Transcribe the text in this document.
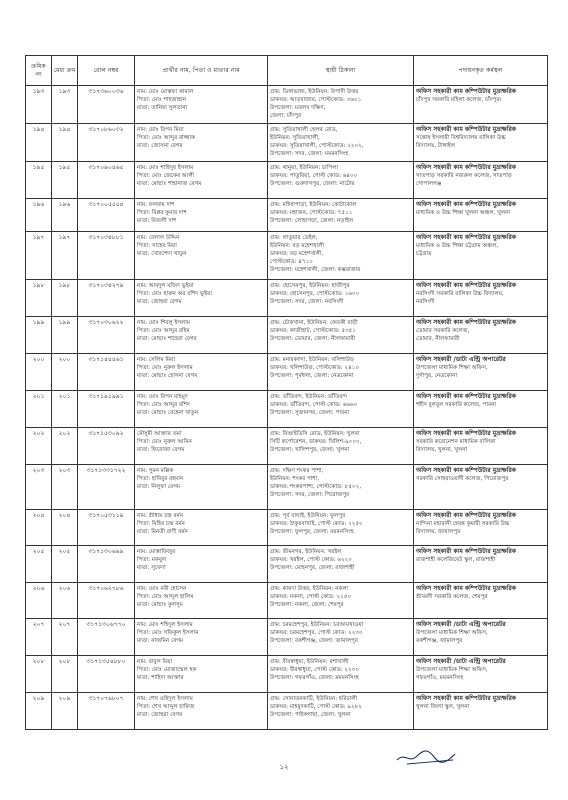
ক্রমিক নং	মেধা ক্রম	রোল নম্বর	প্রার্থীর নাম, পিতা ও মাতার নাম	স্থায়ী ঠিকানা	পদায়নকৃত কর্মস্থল
১৯৩	১৯৩	৩১৭৩৬০০৩৬	নাম: মোঃ মোস্তফা কামাল
পিতা: মোঃ শাহজাহান
মাতা: তানিয়া সুলতানা	গ্রাম: ডিঙ্গাভাঙ্গা, ইউনিয়ন: উপাদী উত্তর
ডাকঘর: আড়বাজার, পোস্টকোড: ৩৬০১
উপজেলা: মতলব দক্ষিণ,
জেলা: চাঁদপুর	অফিস সহকারী কাম কম্পিউটার মুদ্রাক্ষরিক
চাঁদপুর সরকারি মহিলা কলেজ, চাঁদপুর।

১৯৪	১৯৪	৩১৭০৮৬০৩২	নাম: মোঃ রিপন মিয়া
পিতা: মোঃ আব্দুর রাজ্জাক
মাতা: জোসনা বেগম	গ্রাম: সুতিয়াখালী হেলথ রোড,
ইউনিয়ন: সুতিয়াখালী,
ডাকঘর: সুতিয়াখালী, পোস্টকোড: ২২০২,
উপজেলা: সদর, জেলা: ময়মনসিংহ	অফিস সহকারী কাম কম্পিউটার মুদ্রাক্ষরিক
সন্তোষ ইসলামী বিশ্ববিদ্যালয় বালিকা উচ্চ
বিদ্যালয়, টাঙ্গাইল

১৯৫	১৯৫	৩১৭০৯০৪৬৫	নাম: মোঃ শাহিদুর ইসলাম
পিতা: মোঃ জেকের আলী
মাতা: মোছাঃ শাহানাজ বেগম	গ্রাম: থানুয়া, ইউনিয়ন: চাপিলা
ডাকঘর: পাতুরিয়া, পোস্ট কোড: ৬৪০০
উপজেলা: গুরুদাসপুর, জেলা: নাটোর	অফিস সহকারী কাম কম্পিউটার মুদ্রাক্ষরিক
সাতপাড় সরকারি নজরুল কলেজ, সাতপাড়
গোপালগঞ্জ

১৯৬	১৯৬	৩১৭০০৫৫৫৪	নাম: ফলরাম দাশ
পিতা: বিপ্লব কুমার দাশ
মাতা: বিজলী দাশ	গ্রাম: মহিষাপাড়া, ইউনিয়ন: কোটাকোল
ডাকঘর: মহাজন, পোস্টকোড: ৭৫১১
উপজেলা: লোহাগড়া, জেলা: নড়াইল	অফিস সহকারী কাম কম্পিউটার মুদ্রাক্ষরিক
মাধ্যমিক ও উচ্চ শিক্ষা খুলনা অঞ্চল, খুলনা

১৯৭	১৯৭	৩১৭০৩৪৮৮১	নাম: বেলাল উদ্দিন
পিতা: সাহেব মিয়া
মাতা: খোরশেদা খাতুন	গ্রাম: লাতুয়ার ডেইল,
ইউনিয়ন: বড় মহেশখালী
ডাকঘর: বড় মহেশখালী,
পোস্টকোড: ৪৭১০
উপজেলা: মহেশখালী, জেলা: কক্সবাজার	অফিস সহকারী কাম কম্পিউটার মুদ্রাক্ষরিক
মাধ্যমিক ও উচ্চ শিক্ষা চট্টগ্রাম অঞ্চল,
চট্টগ্রাম

১৯৮	১৯৮	৩১৭০৩৪২৭৯	নাম: আবদুল মজিদ ভুইয়া
পিতা: মোঃ হারুন অর রশিদ ভুইয়া
মাতা: জোহরা বেগম	গ্রাম: হোসেনপুর, ইউনিয়ন: হাজীপুর
ডাকঘর: হোসেনপুর, পোস্টকোড: ১৬০০
উপজেলা: সদর, জেলা: নরসিংদী	অফিস সহকারী কাম কম্পিউটার মুদ্রাক্ষরিক
নরসিংদী সরকারি বালিকা উচ্চ বিদ্যালয়,
নরসিংদী

১৯৯	১৯৯	৩১৭০৩০৬২২	নাম: মোঃ শিবলু ইসলাম
পিতা: মোঃ আব্দুর রহিম
মাতা: মোছাঃ শাহেরা বেগম	গ্রাম: চৌকখানা, ইউনিয়ন: কেতকী বাড়ী
ডাকঘর: কাজীহাট, পোস্টকোড: ৫৩৫১
উপজেলা: ডোমার, জেলা: নীলফামারী	অফিস সহকারী কাম কম্পিউটার মুদ্রাক্ষরিক
ডোমার সরকারি কলেজ,
ডোমার, নীলফামারী

২০০	২০০	৩১৭১৪৪৪৬১	নাম: সেলিম মিয়া
পিতা: মোঃ নুরুল ইসলাম
মাতা: মোছাঃ হোসনা বেগম	গ্রাম: মনারকান্দা, ইউনিয়ন: খলিশাউড়
ডাকঘর: খলিশাউড়, পোস্টকোড: ২৪১০
উপজেলা: পূর্বধলা, জেলা: নেত্রকোনা	অফিস সহকারী /ডাটা এন্ট্রি অপারেটর
উপজেলা মাধ্যমিক শিক্ষা অফিস,
দুর্গাপুর, নেত্রকোনা

২০১	২০১	৩১৭১৯১৯৯১	নাম: মোঃ রিপন মাহমুদ
পিতা: মোঃ আব্দুর রশিদ
মাতা: মোছাঃ রেহেনা খাতুন	গ্রাম: তাঁতিবন্দ, ইউনিয়ন: তাঁতিবন্দ
ডাকঘর: তাঁতিবন্দ, পোস্ট কোড: ৬৬৬০
উপজেলা: সুজানগর, জেলা: পাবনা	অফিস সহকারী কাম কম্পিউটার মুদ্রাক্ষরিক
শহীদ বুলবুল সরকারি কলেজ, পাবনা

২০২	২০২	৩১৭১৫৩০৯২	মৌসুমী আক্তার তমা
পিতা: মোঃ নুরুল আমিন
মাতা: ফিরোজা বেগম	গ্রাম: বিআইডিসি রোড, ইউনিয়ন: খুলনা
সিটি কর্পোরেশন, ডাকঘর: খিলিশ-৯০০০,
উপজেলা: খালিশপুর, জেলা: খুলনা	অফিস সহকারী কাম কম্পিউটার মুদ্রাক্ষরিক
সরকারি করোনেশন মাধ্যমিক বালিকা
বিদ্যালয়, খুলনা, খুলনা

২০৩	২০৩	৩১৭১৩৩১৭২২	নাম: সুমন মল্লিক
পিতা: হাবিবুর রহমান
মাতা: নিলুফা বেগম	গ্রাম: দক্ষিণ শংকর পাশা,
ইউনিয়ন: শংকর পাশা,
ডাকঘর: শংকরপাশা, পোস্টকোড: ৮৫০২,
উপজেলা: সদর, জেলা: পিরোজপুর	অফিস সহকারী কাম কম্পিউটার মুদ্রাক্ষরিক
সরকারি সোহরাওয়ার্দী কলেজ, পিরোজপুর

২০৪	২০৪	৩১৭০৫৩১১৯	নাম: শ্রীধাম চন্দ্র বর্মন
পিতা: মিহির চন্দ্র বর্মন
মাতা: মিনতী রাণী বর্মন	গ্রাম: পূর্ব বাঘাই, ইউনিয়ন: ফুলপুর
ডাকঘর: ঠাকুরবাখাই, পোস্ট কোড: ২২৫০
উপজেলা: ফুলপুর, জেলা: ময়মনসিংহ	অফিস সহকারী কাম কম্পিউটার মুদ্রাক্ষরিক
নান্দিনা মহারানী হেমন্ত কুমারী সরকারি উচ্চ
বিদ্যালয়, জামালপুর

২০৫	২০৫	৩১৭১৩০৬৯৯	নাম: মোস্তাফিজুর
পিতা: মকবুল
মাতা: সুফেদা	গ্রাম: ভীমনগর, ইউনিয়ন: খরইল
ডাকঘর: খরইল, পোস্ট কোড: ৬২২০
উপজেলা: মোহনপুর, জেলা: রাজশাহী	অফিস সহকারী কাম কম্পিউটার মুদ্রাক্ষরিক
রাজশাহী কলেজিয়েট স্কুল, রাজশাহী

২০৬	২০৬	৩১৭০৬২৭৮৬	নাম: মোঃ নবী হোসেন
পিতা: মোঃ আব্দুল হালিম
মাতা: মোছাঃ কুলসুম	গ্রাম: কায়দা উত্তর, ইউনিয়ন: নকলা
ডাকঘর: নকলা, পোস্ট কোড: ২১৫০
উপজেলা: নকলা, জেলা: শেরপুর	অফিস সহকারী কাম কম্পিউটার মুদ্রাক্ষরিক
শ্রীবরদী সরকারি কলেজ, শেরপুর

২০৭	২০৭	৩১৭১৩০৬৭৭০	নাম: মোঃ শহিদুল ইসলাম
পিতা: মোঃ সফিকুল ইসলাম
মাতা: নাজমিন বেগম	গ্রাম: চরমহেশপুর, ইউনিয়ন: চরআমখাওয়া
ডাকঘর: চরমহেশপুর, পোস্ট কোড: ২২৩০
উপজেলা: বকশীগঞ্জ, জেলা: জামালপুর	অফিস সহকারী /ডাটা এন্ট্রি অপারেটর
উপজেলা মাধ্যমিক শিক্ষা অফিস,
বকশীগঞ্জ, জামালপুর

২০৮	২০৮	৩১৭১৩৫৪৮৮০	নাম: বাবুল মিয়া
পিতা: মোঃ মোজাম্মেল হক
মাতা: শাহিদা আক্তার	গ্রাম: বীরস্বাধুয়া, ইউনিয়ন: মশাখালী
ডাকঘর: বীরস্বাধুয়া, পোস্ট কোড: ২২৩০
উপজেলা: গফরগাঁও, জেলা: ময়মনসিংহ	অফিস সহকারী /ডাটা এন্ট্রি অপারেটর
উপজেলা মাধ্যমিক শিক্ষা অফিস,
গফরগাঁও, ময়মনসিংহ

২০৯	২০৯	৩১৭০৭৬৮০৭	নাম: শেখ ওহিদুল ইসলাম
পিতা: শেখ আব্দুল হাফিজ
মাতা: জোহুরা বেগম	গ্রাম: সোনাতনকাটি, ইউনিয়ন: হরিঢালী
ডাকঘর: মাহমুদকাটি, পোস্ট কোড: ৯২৮২
উপজেলা: পাইকগাছা, জেলা: খুলনা	অফিস সহকারী কাম কম্পিউটার মুদ্রাক্ষরিক
খুলনা জিলা স্কুল, খুলনা
১২
